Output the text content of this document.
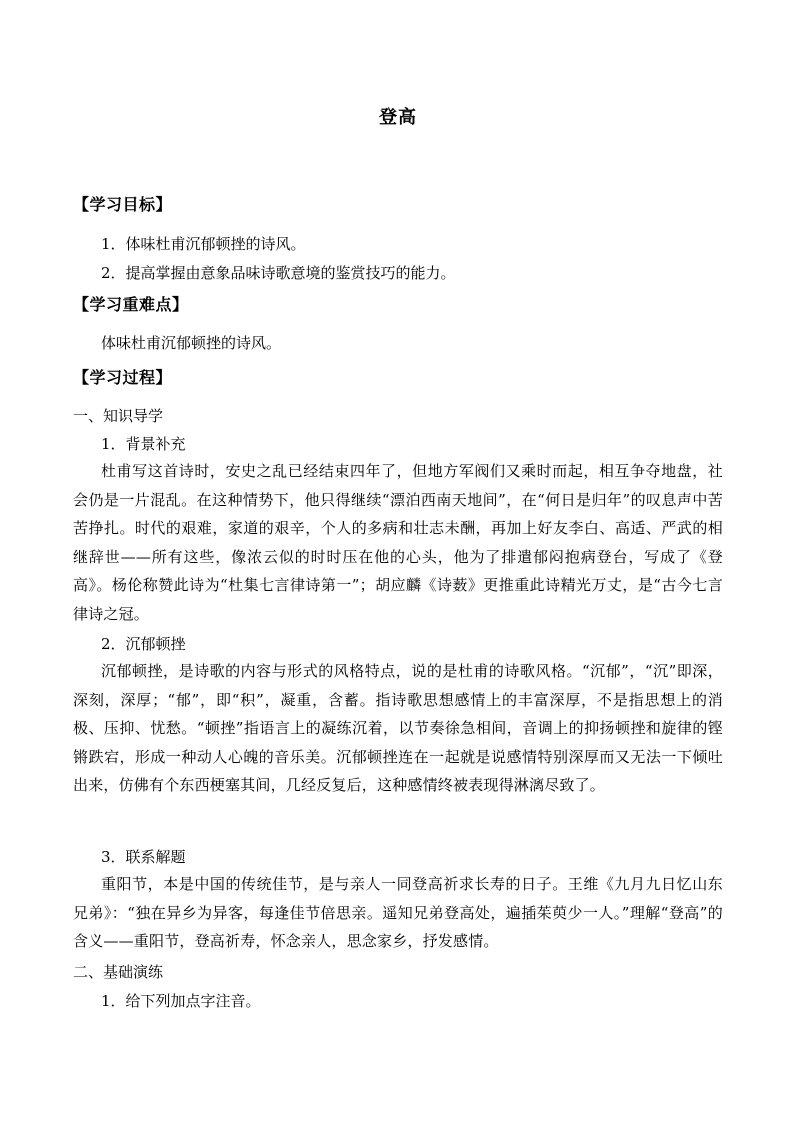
登高
【学习目标】
1．体味杜甫沉郁顿挫的诗风。
2．提高掌握由意象品味诗歌意境的鉴赏技巧的能力。
【学习重难点】
体味杜甫沉郁顿挫的诗风。
【学习过程】
一、知识导学
1．背景补充
杜甫写这首诗时，安史之乱已经结束四年了，但地方军阀们又乘时而起，相互争夺地盘，社会仍是一片混乱。在这种情势下，他只得继续“漂泊西南天地间”，在“何日是归年”的叹息声中苦苦挣扎。时代的艰难，家道的艰辛，个人的多病和壮志未酬，再加上好友李白、高适、严武的相继辞世——所有这些，像浓云似的时时压在他的心头，他为了排遣郁闷抱病登台，写成了《登高》。杨伦称赞此诗为“杜集七言律诗第一”；胡应麟《诗薮》更推重此诗精光万丈，是“古今七言律诗之冠。
2．沉郁顿挫
沉郁顿挫，是诗歌的内容与形式的风格特点，说的是杜甫的诗歌风格。“沉郁”，“沉”即深，深刻，深厚；“郁”，即“积”，凝重，含蓄。指诗歌思想感情上的丰富深厚，不是指思想上的消极、压抑、忧愁。“顿挫”指语言上的凝练沉着，以节奏徐急相间，音调上的抑扬顿挫和旋律的铿锵跌宕，形成一种动人心魄的音乐美。沉郁顿挫连在一起就是说感情特别深厚而又无法一下倾吐出来，仿佛有个东西梗塞其间，几经反复后，这种感情终被表现得淋漓尽致了。
3．联系解题
重阳节，本是中国的传统佳节，是与亲人一同登高祈求长寿的日子。王维《九月九日忆山东兄弟》：“独在异乡为异客，每逢佳节倍思亲。遥知兄弟登高处，遍插茱萸少一人。”理解“登高”的含义——重阳节，登高祈寿，怀念亲人，思念家乡，抒发感情。
二、基础演练
1．给下列加点字注音。
